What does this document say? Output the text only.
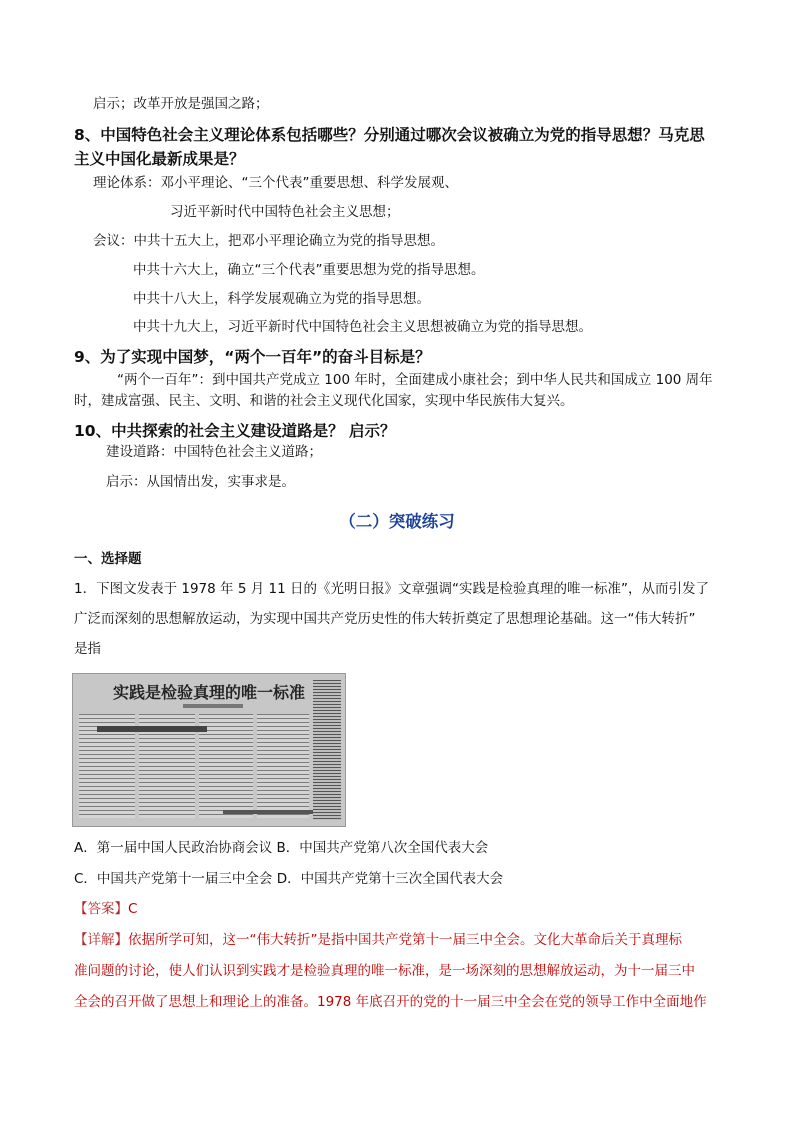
启示；改革开放是强国之路；
8、中国特色社会主义理论体系包括哪些？分别通过哪次会议被确立为党的指导思想？马克思
主义中国化最新成果是？
理论体系：邓小平理论、“三个代表”重要思想、科学发展观、
习近平新时代中国特色社会主义思想；
会议：中共十五大上，把邓小平理论确立为党的指导思想。
中共十六大上，确立“三个代表”重要思想为党的指导思想。
中共十八大上，科学发展观确立为党的指导思想。
中共十九大上，习近平新时代中国特色社会主义思想被确立为党的指导思想。
9、为了实现中国梦，“两个一百年”的奋斗目标是？
“两个一百年”：到中国共产党成立 100 年时，全面建成小康社会；到中华人民共和国成立 100 周年
时，建成富强、民主、文明、和谐的社会主义现代化国家，实现中华民族伟大复兴。
10、中共探索的社会主义建设道路是？ 启示？
建设道路：中国特色社会主义道路；
启示：从国情出发，实事求是。
（二）突破练习
一、选择题
1．下图文发表于 1978 年 5 月 11 日的《光明日报》文章强调“实践是检验真理的唯一标准”，从而引发了
广泛而深刻的思想解放运动，为实现中国共产党历史性的伟大转折奠定了思想理论基础。这一“伟大转折”
是指
实践是检验真理的唯一标准
A．第一届中国人民政治协商会议 B．中国共产党第八次全国代表大会
C．中国共产党第十一届三中全会 D．中国共产党第十三次全国代表大会
【答案】C
【详解】依据所学可知，这一“伟大转折”是指中国共产党第十一届三中全会。文化大革命后关于真理标
准问题的讨论，使人们认识到实践才是检验真理的唯一标准，是一场深刻的思想解放运动，为十一届三中
全会的召开做了思想上和理论上的准备。1978 年底召开的党的十一届三中全会在党的领导工作中全面地作
